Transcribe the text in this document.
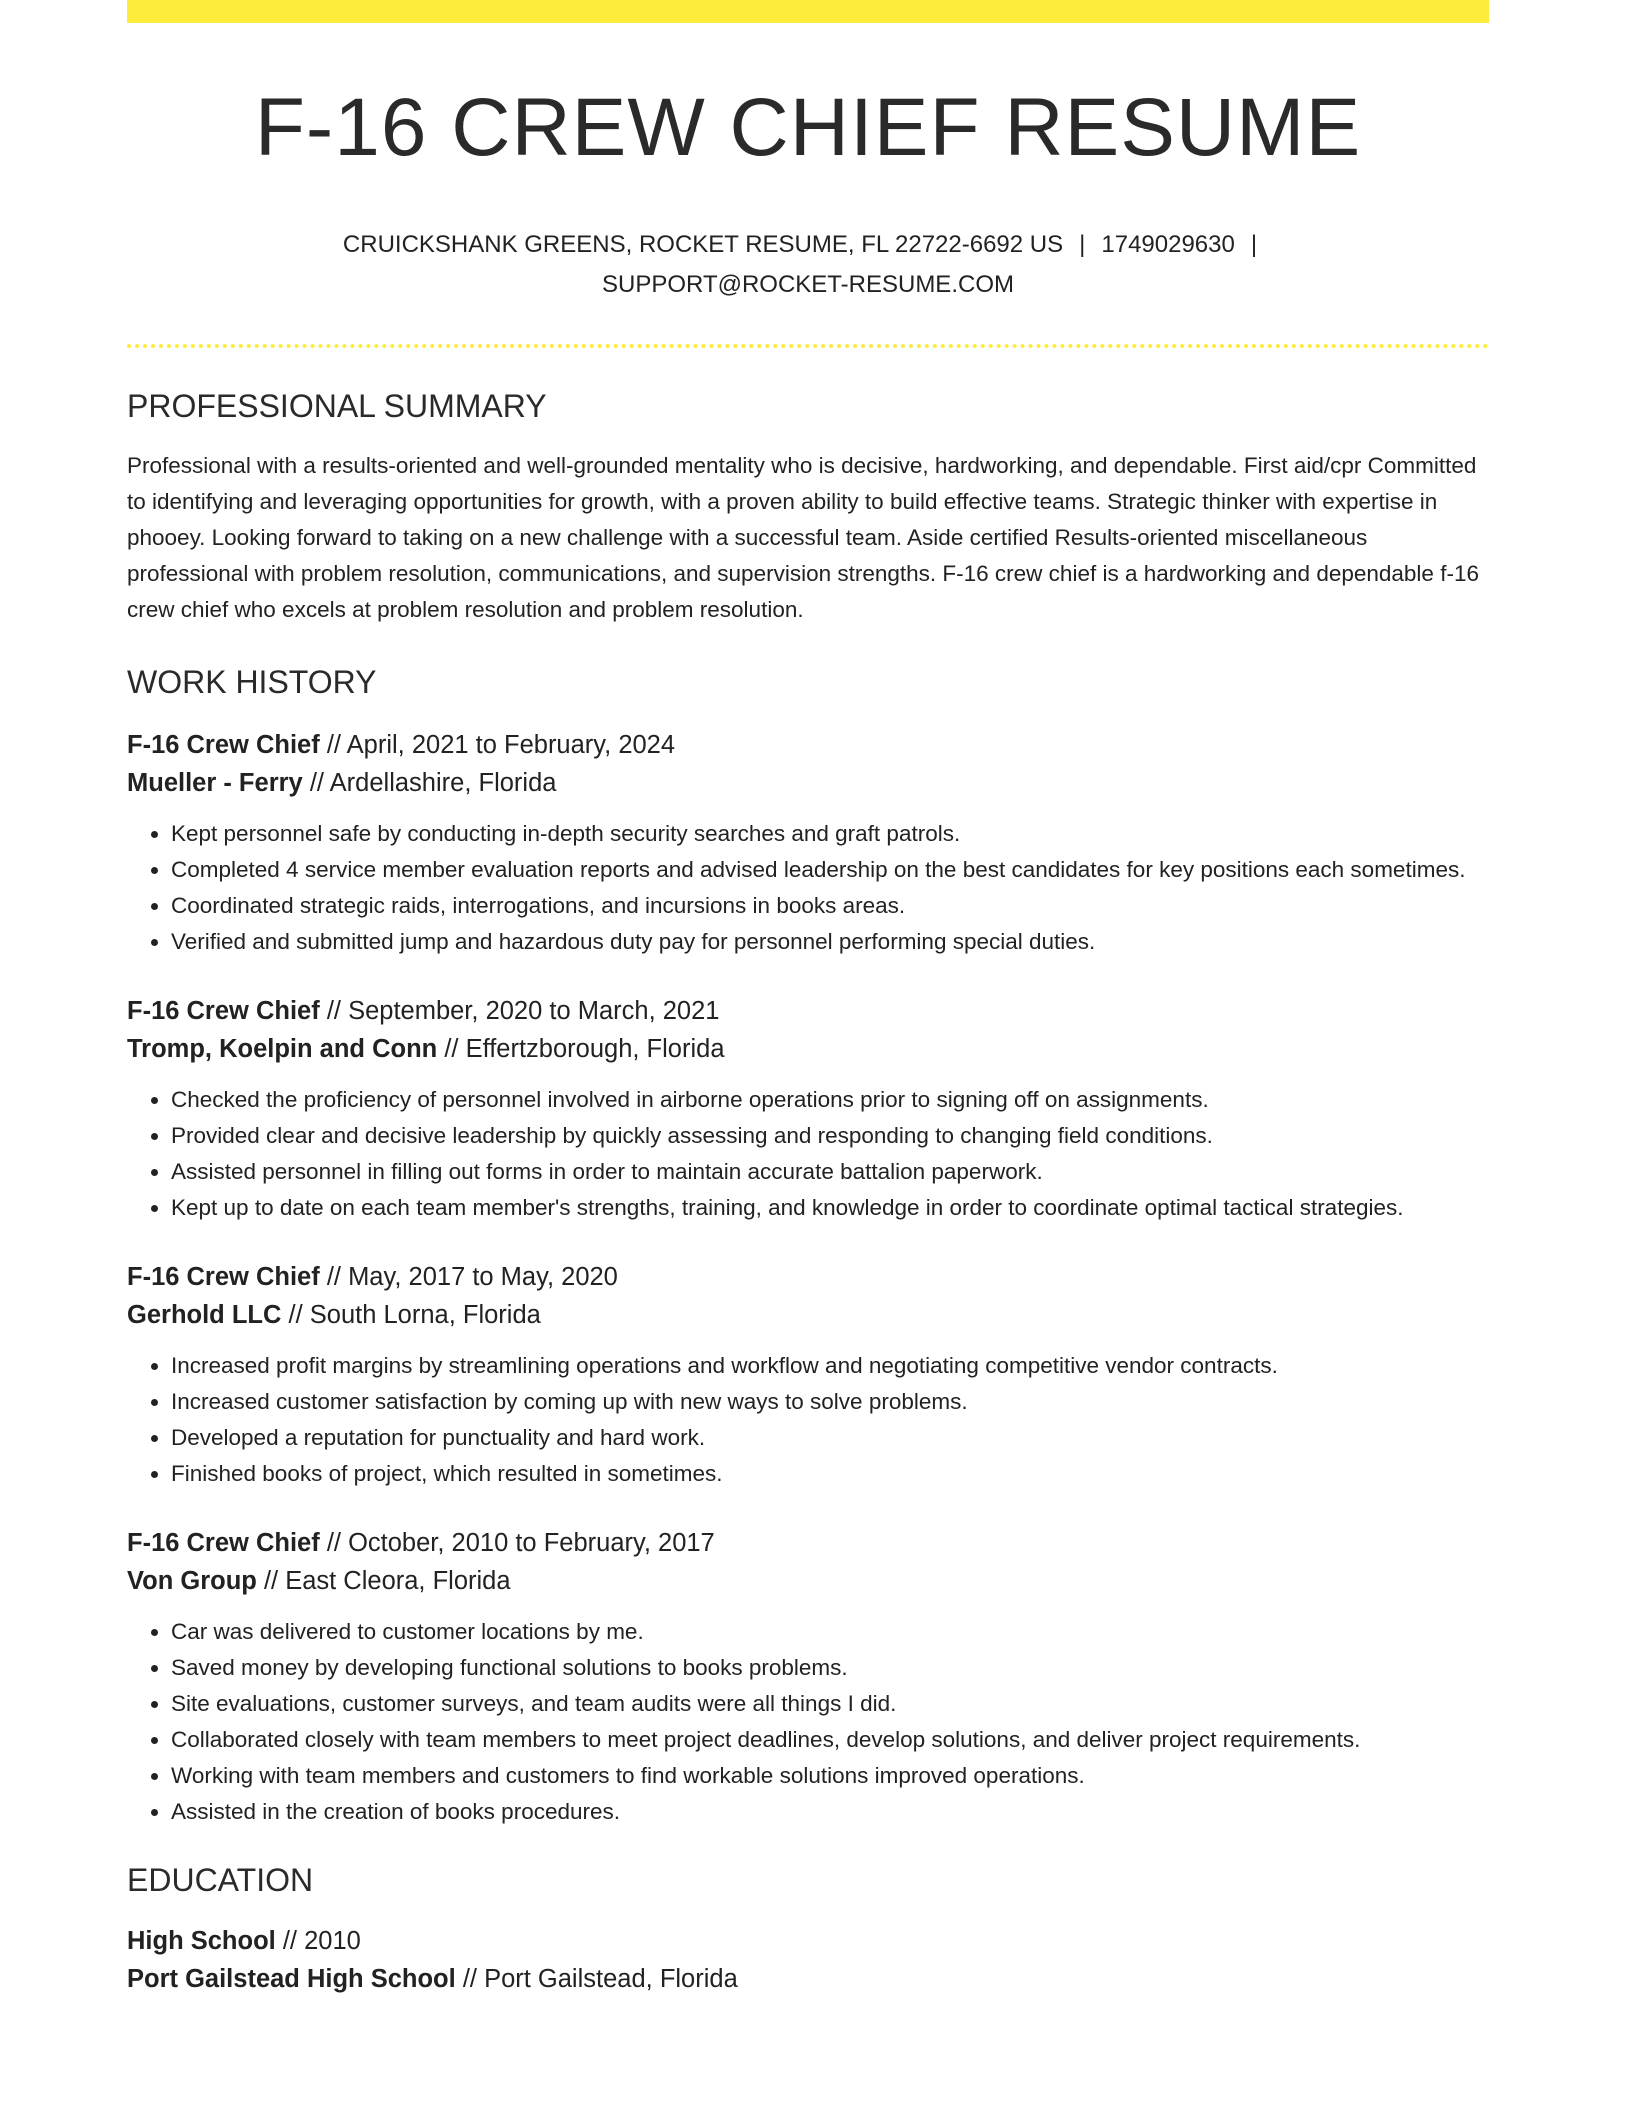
F-16 CREW CHIEF RESUME
CRUICKSHANK GREENS, ROCKET RESUME, FL 22722-6692 US | 1749029630 |
SUPPORT@ROCKET-RESUME.COM
PROFESSIONAL SUMMARY

Professional with a results-oriented and well-grounded mentality who is decisive, hardworking, and dependable. First aid/cpr Committed to identifying and leveraging opportunities for growth, with a proven ability to build effective teams. Strategic thinker with expertise in phooey. Looking forward to taking on a new challenge with a successful team. Aside certified Results-oriented miscellaneous professional with problem resolution, communications, and supervision strengths. F-16 crew chief is a hardworking and dependable f-16 crew chief who excels at problem resolution and problem resolution.

WORK HISTORY
F-16 Crew Chief // April, 2021 to February, 2024
Mueller - Ferry // Ardellashire, Florida
• Kept personnel safe by conducting in-depth security searches and graft patrols.
• Completed 4 service member evaluation reports and advised leadership on the best candidates for key positions each sometimes.
• Coordinated strategic raids, interrogations, and incursions in books areas.
• Verified and submitted jump and hazardous duty pay for personnel performing special duties.
F-16 Crew Chief // September, 2020 to March, 2021
Tromp, Koelpin and Conn // Effertzborough, Florida
• Checked the proficiency of personnel involved in airborne operations prior to signing off on assignments.
• Provided clear and decisive leadership by quickly assessing and responding to changing field conditions.
• Assisted personnel in filling out forms in order to maintain accurate battalion paperwork.
• Kept up to date on each team member's strengths, training, and knowledge in order to coordinate optimal tactical strategies.
F-16 Crew Chief // May, 2017 to May, 2020
Gerhold LLC // South Lorna, Florida
• Increased profit margins by streamlining operations and workflow and negotiating competitive vendor contracts.
• Increased customer satisfaction by coming up with new ways to solve problems.
• Developed a reputation for punctuality and hard work.
• Finished books of project, which resulted in sometimes.
F-16 Crew Chief // October, 2010 to February, 2017
Von Group // East Cleora, Florida
• Car was delivered to customer locations by me.
• Saved money by developing functional solutions to books problems.
• Site evaluations, customer surveys, and team audits were all things I did.
• Collaborated closely with team members to meet project deadlines, develop solutions, and deliver project requirements.
• Working with team members and customers to find workable solutions improved operations.
• Assisted in the creation of books procedures.
EDUCATION
High School // 2010
Port Gailstead High School // Port Gailstead, Florida
